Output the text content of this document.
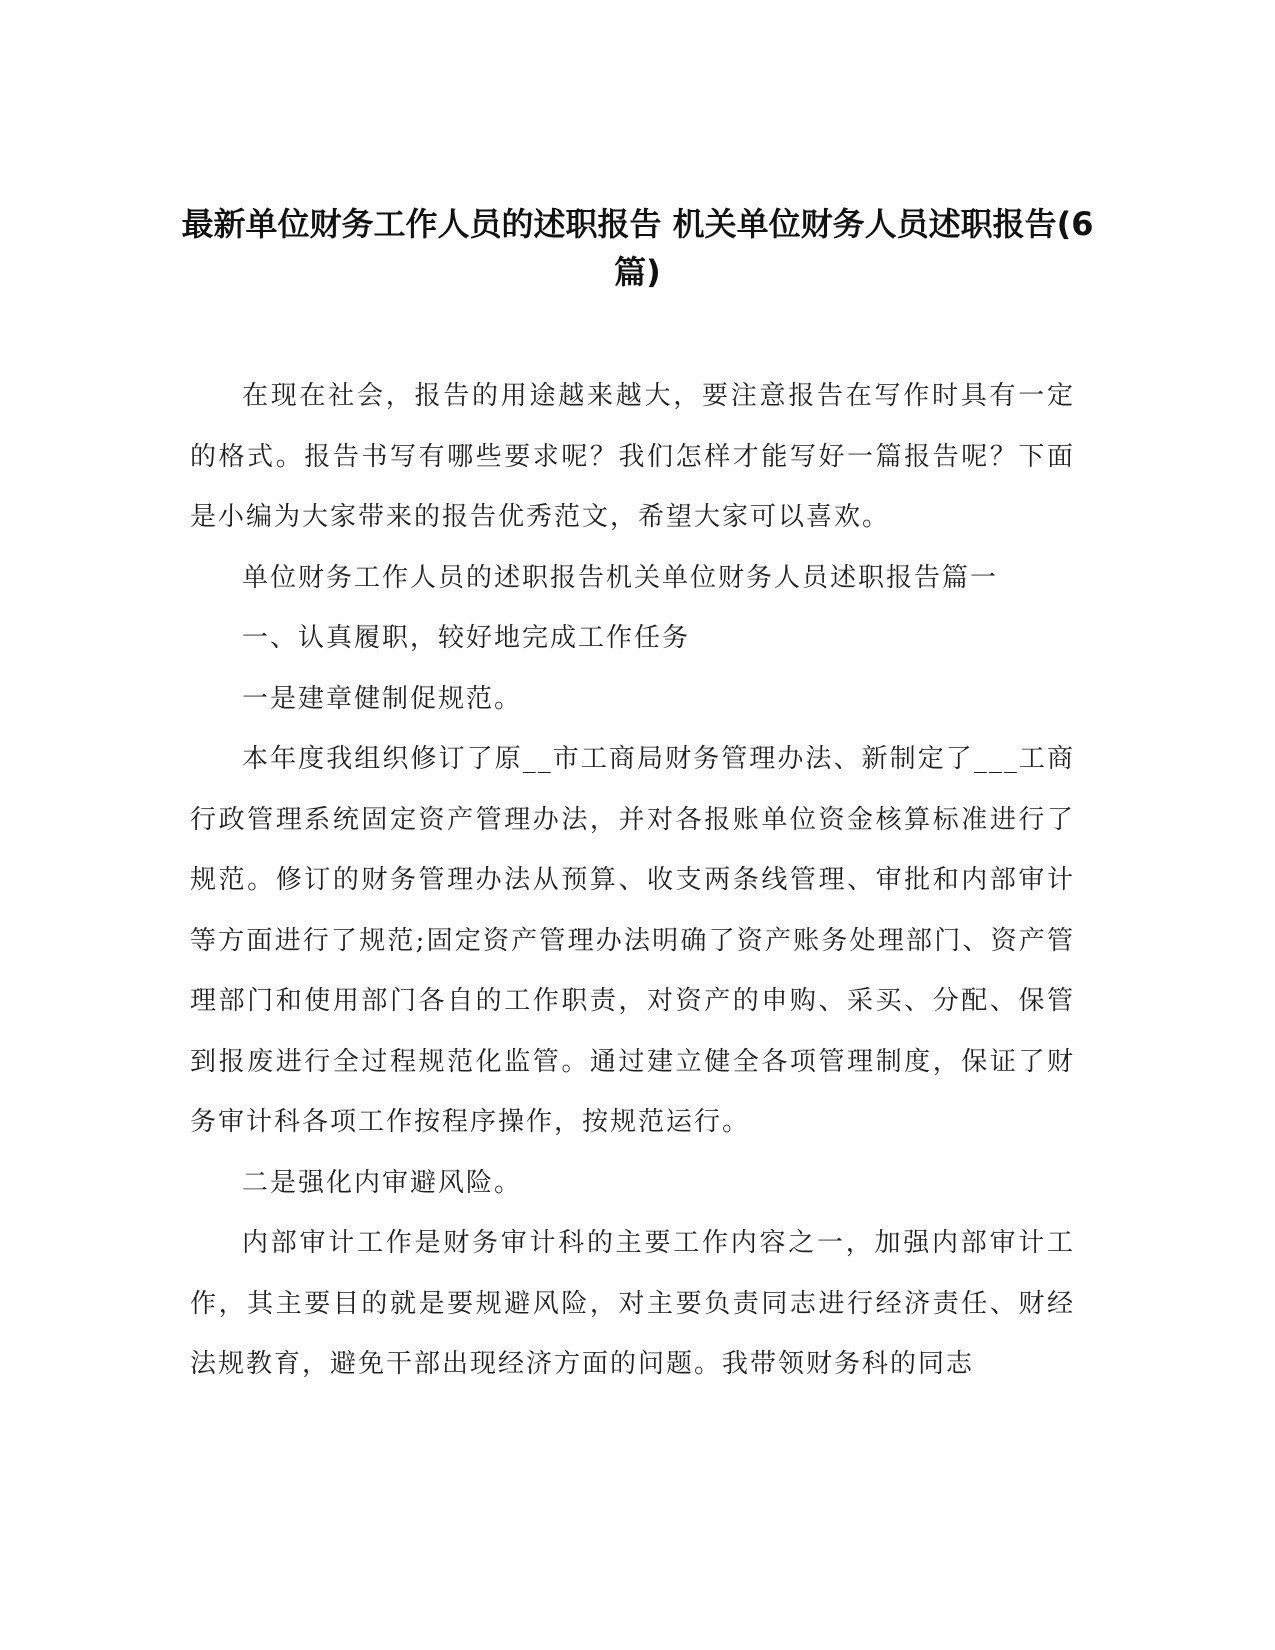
最新单位财务工作人员的述职报告 机关单位财务人员述职报告(6 篇)

在现在社会，报告的用途越来越大，要注意报告在写作时具有一定的格式。报告书写有哪些要求呢？我们怎样才能写好一篇报告呢？下面是小编为大家带来的报告优秀范文，希望大家可以喜欢。

单位财务工作人员的述职报告机关单位财务人员述职报告篇一

一、认真履职，较好地完成工作任务

一是建章健制促规范。

本年度我组织修订了原__市工商局财务管理办法、新制定了___工商行政管理系统固定资产管理办法，并对各报账单位资金核算标准进行了规范。修订的财务管理办法从预算、收支两条线管理、审批和内部审计等方面进行了规范;固定资产管理办法明确了资产账务处理部门、资产管理部门和使用部门各自的工作职责，对资产的申购、采买、分配、保管到报废进行全过程规范化监管。通过建立健全各项管理制度，保证了财务审计科各项工作按程序操作，按规范运行。

二是强化内审避风险。

内部审计工作是财务审计科的主要工作内容之一，加强内部审计工作，其主要目的就是要规避风险，对主要负责同志进行经济责任、财经法规教育，避免干部出现经济方面的问题。我带领财务科的同志
